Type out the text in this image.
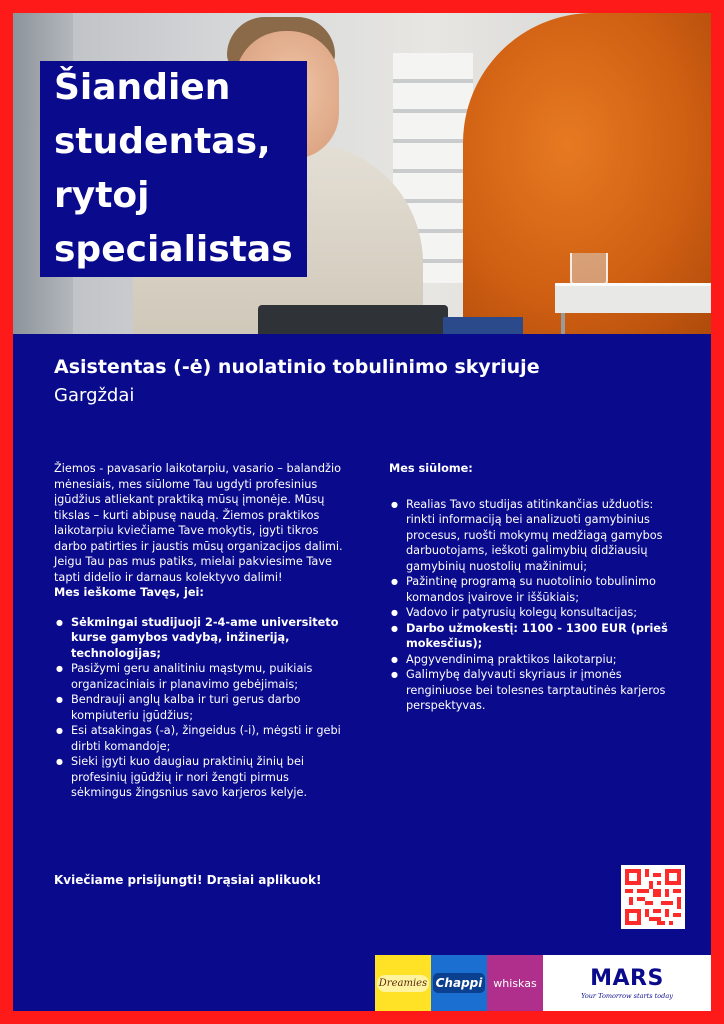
Šiandien
studentas,
rytoj
specialistas
Asistentas (-ė) nuolatinio tobulinimo skyriuje
Gargždai

Žiemos - pavasario laikotarpiu, vasario – balandžio mėnesiais, mes siūlome Tau ugdyti profesinius įgūdžius atliekant praktiką mūsų įmonėje. Mūsų tikslas – kurti abipusę naudą. Žiemos praktikos laikotarpiu kviečiame Tave mokytis, įgyti tikros darbo patirties ir jaustis mūsų organizacijos dalimi. Jeigu Tau pas mus patiks, mielai pakviesime Tave tapti didelio ir darnaus kolektyvo dalimi!

Mes ieškome Tavęs, jei:

● Sėkmingai studijuoji 2-4-ame universiteto kurse gamybos vadybą, inžineriją, technologijas;
● Pasižymi geru analitiniu mąstymu, puikiais organizaciniais ir planavimo gebėjimais;
● Bendrauji anglų kalba ir turi gerus darbo kompiuteriu įgūdžius;
● Esi atsakingas (-a), žingeidus (-i), mėgsti ir gebi dirbti komandoje;
● Sieki įgyti kuo daugiau praktinių žinių bei profesinių įgūdžių ir nori žengti pirmus sėkmingus žingsnius savo karjeros kelyje.

Mes siūlome:

● Realias Tavo studijas atitinkančias užduotis: rinkti informaciją bei analizuoti gamybinius procesus, ruošti mokymų medžiagą gamybos darbuotojams, ieškoti galimybių didžiausių gamybinių nuostolių mažinimui;
● Pažintinę programą su nuotolinio tobulinimo komandos įvairove ir iššūkiais;
● Vadovo ir patyrusių kolegų konsultacijas;
● Darbo užmokestį: 1100 - 1300 EUR (prieš mokesčius);
● Apgyvendinimą praktikos laikotarpiu;
● Galimybę dalyvauti skyriaus ir įmonės renginiuose bei tolesnes tarptautinės karjeros perspektyvas.
Kviečiame prisijungti! Drąsiai aplikuok!
Dreamies Chappi whiskas MARS
Your Tomorrow starts today
